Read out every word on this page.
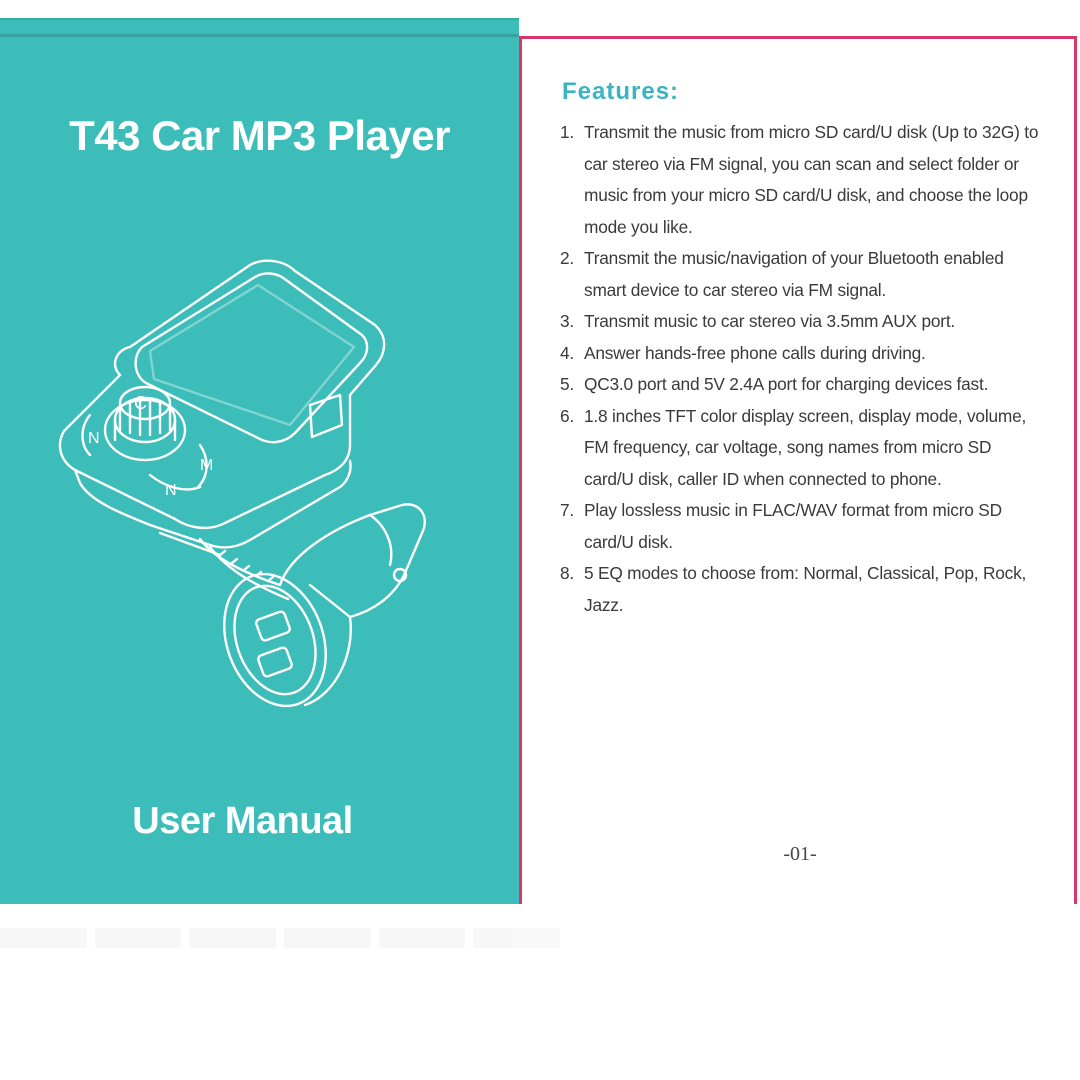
T43 Car MP3 Player
C
N
N
M
User Manual
Features:
1. Transmit the music from micro SD card/U disk (Up to 32G) to car stereo via FM signal, you can scan and select folder or music from your micro SD card/U disk, and choose the loop mode you like.
2. Transmit the music/navigation of your Bluetooth enabled smart device to car stereo via FM signal.
3. Transmit music to car stereo via 3.5mm AUX port.
4. Answer hands-free phone calls during driving.
5. QC3.0 port and 5V 2.4A port for charging devices fast.
6. 1.8 inches TFT color display screen, display mode, volume, FM frequency, car voltage, song names from micro SD card/U disk, caller ID when connected to phone.
7. Play lossless music in FLAC/WAV format from micro SD card/U disk.
8. 5 EQ modes to choose from: Normal, Classical, Pop, Rock, Jazz.
-01-
